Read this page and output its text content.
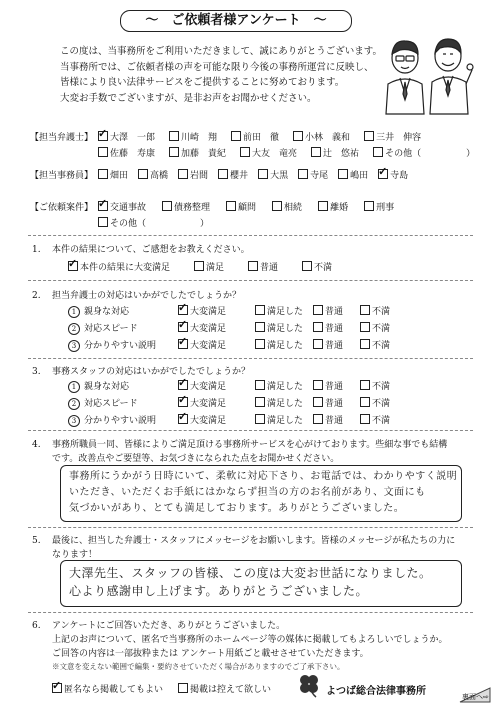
〜　ご依頼者様アンケート　〜
この度は、当事務所をご利用いただきまして、誠にありがとうございます。
当事務所では、ご依頼者様の声を可能な限り今後の事務所運営に反映し、
皆様により良い法律サービスをご提供することに努めております。
大変お手数でございますが、是非お声をお聞かせください。
【担当弁護士】 ✓	大澤　一郎	川崎　翔	前田　徹	小林　義和	三井　伸容
佐藤　寿康	加藤　貴紀	大友　竜亮	辻　悠祐	その他（　　　　　）
【担当事務員】	畑田 高橋 岩間 櫻井 大黒 寺尾 嶋田 ✓ 寺島
【ご依頼案件】 ✓	交通事故	債務整理	顧問	相続	離婚	刑事
その他（　　　　　　）
1. 本件の結果について、ご感想をお教えください。
✓本件の結果に大変満足	満足	普通	不満
2. 担当弁護士の対応はいかがでしたでしょうか？
1 親身な対応 ✓	大変満足	満足した	普通	不満
2 対応スピード ✓	大変満足	満足した	普通	不満
3 分かりやすい説明 ✓	大変満足	満足した	普通	不満
3. 事務スタッフの対応はいかがでしたでしょうか？
1 親身な対応 ✓	大変満足	満足した	普通	不満
2 対応スピード ✓	大変満足	満足した	普通	不満
3 分かりやすい説明 ✓	大変満足	満足した	普通	不満
4. 事務所職員一同、皆様によりご満足頂ける事務所サービスを心がけております。些細な事でも結構
です。改善点やご要望等、お気づきになられた点をお聞かせください。
事務所にうかがう日時にいて、柔軟に対応下さり、お電話では、わかりやすく説明
いただき、いただくお手紙にはかならず担当の方のお名前があり、文面にも
気づかいがあり、とても満足しております。ありがとうございました。
5. 最後に、担当した弁護士・スタッフにメッセージをお願いします。皆様のメッセージが私たちの力に
なります！
大澤先生、スタッフの皆様、この度は大変お世話になりました。
心より感謝申し上げます。ありがとうございました。
6. アンケートにご回答いただき、ありがとうございました。
上記のお声について、匿名で当事務所のホームページ等の媒体に掲載してもよろしいでしょうか。
ご回答の内容は一部抜粋または アンケート用紙ごと載せさせていただきます。
※文意を変えない範囲で編集・要約させていただく場合がありますのでご了承下さい。
✓匿名なら掲載してもよい	掲載は控えて欲しい	よつば総合法律事務所	裏面へ⇨
